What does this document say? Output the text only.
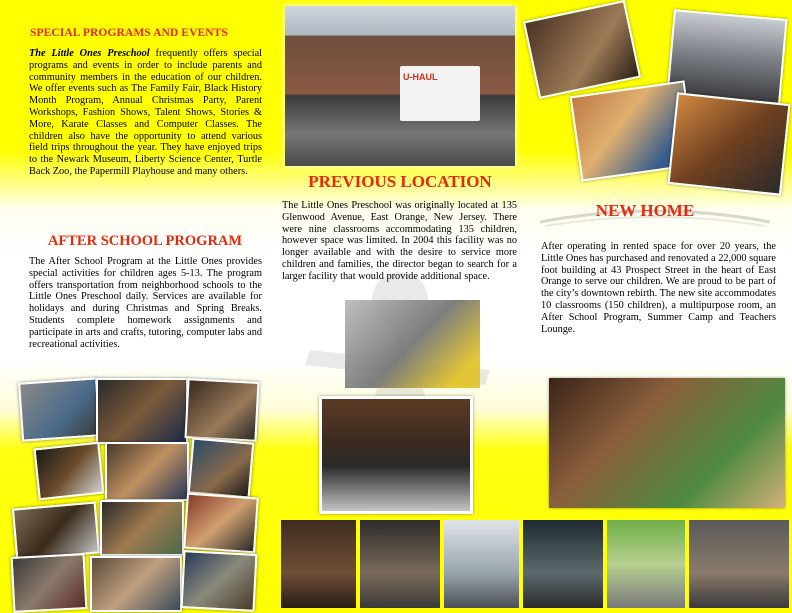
SPECIAL PROGRAMS AND EVENTS
The Little Ones Preschool frequently offers special programs and events in order to include parents and community members in the education of our children. We offer events such as The Family Fair, Black History Month Program, Annual Christmas Party, Parent Workshops, Fashion Shows, Talent Shows, Stories & More, Karate Classes and Computer Classes. The children also have the opportunity to attend various field trips throughout the year. They have enjoyed trips to the Newark Museum, Liberty Science Center, Turtle Back Zoo, the Papermill Playhouse and many others.
AFTER SCHOOL PROGRAM
The After School Program at the Little Ones provides special activities for children ages 5-13. The program offers transportation from neighborhood schools to the Little Ones Preschool daily. Services are available for holidays and during Christmas and Spring Breaks. Students complete homework assignments and participate in arts and crafts, tutoring, computer labs and recreational activities.
U-HAUL
PREVIOUS LOCATION
The Little Ones Preschool was originally located at 135 Glenwood Avenue, East Orange, New Jersey. There were nine classrooms accommodating 135 children, however space was limited. In 2004 this facility was no longer available and with the desire to service more children and families, the director began to search for a larger facility that would provide additional space.
NEW HOME
After operating in rented space for over 20 years, the Little Ones has purchased and renovated a 22,000 square foot building at 43 Prospect Street in the heart of East Orange to serve our children. We are proud to be part of the city’s downtown rebirth. The new site accommodates 10 classrooms (150 children), a multipurpose room, an After School Program, Summer Camp and Teachers Lounge.
